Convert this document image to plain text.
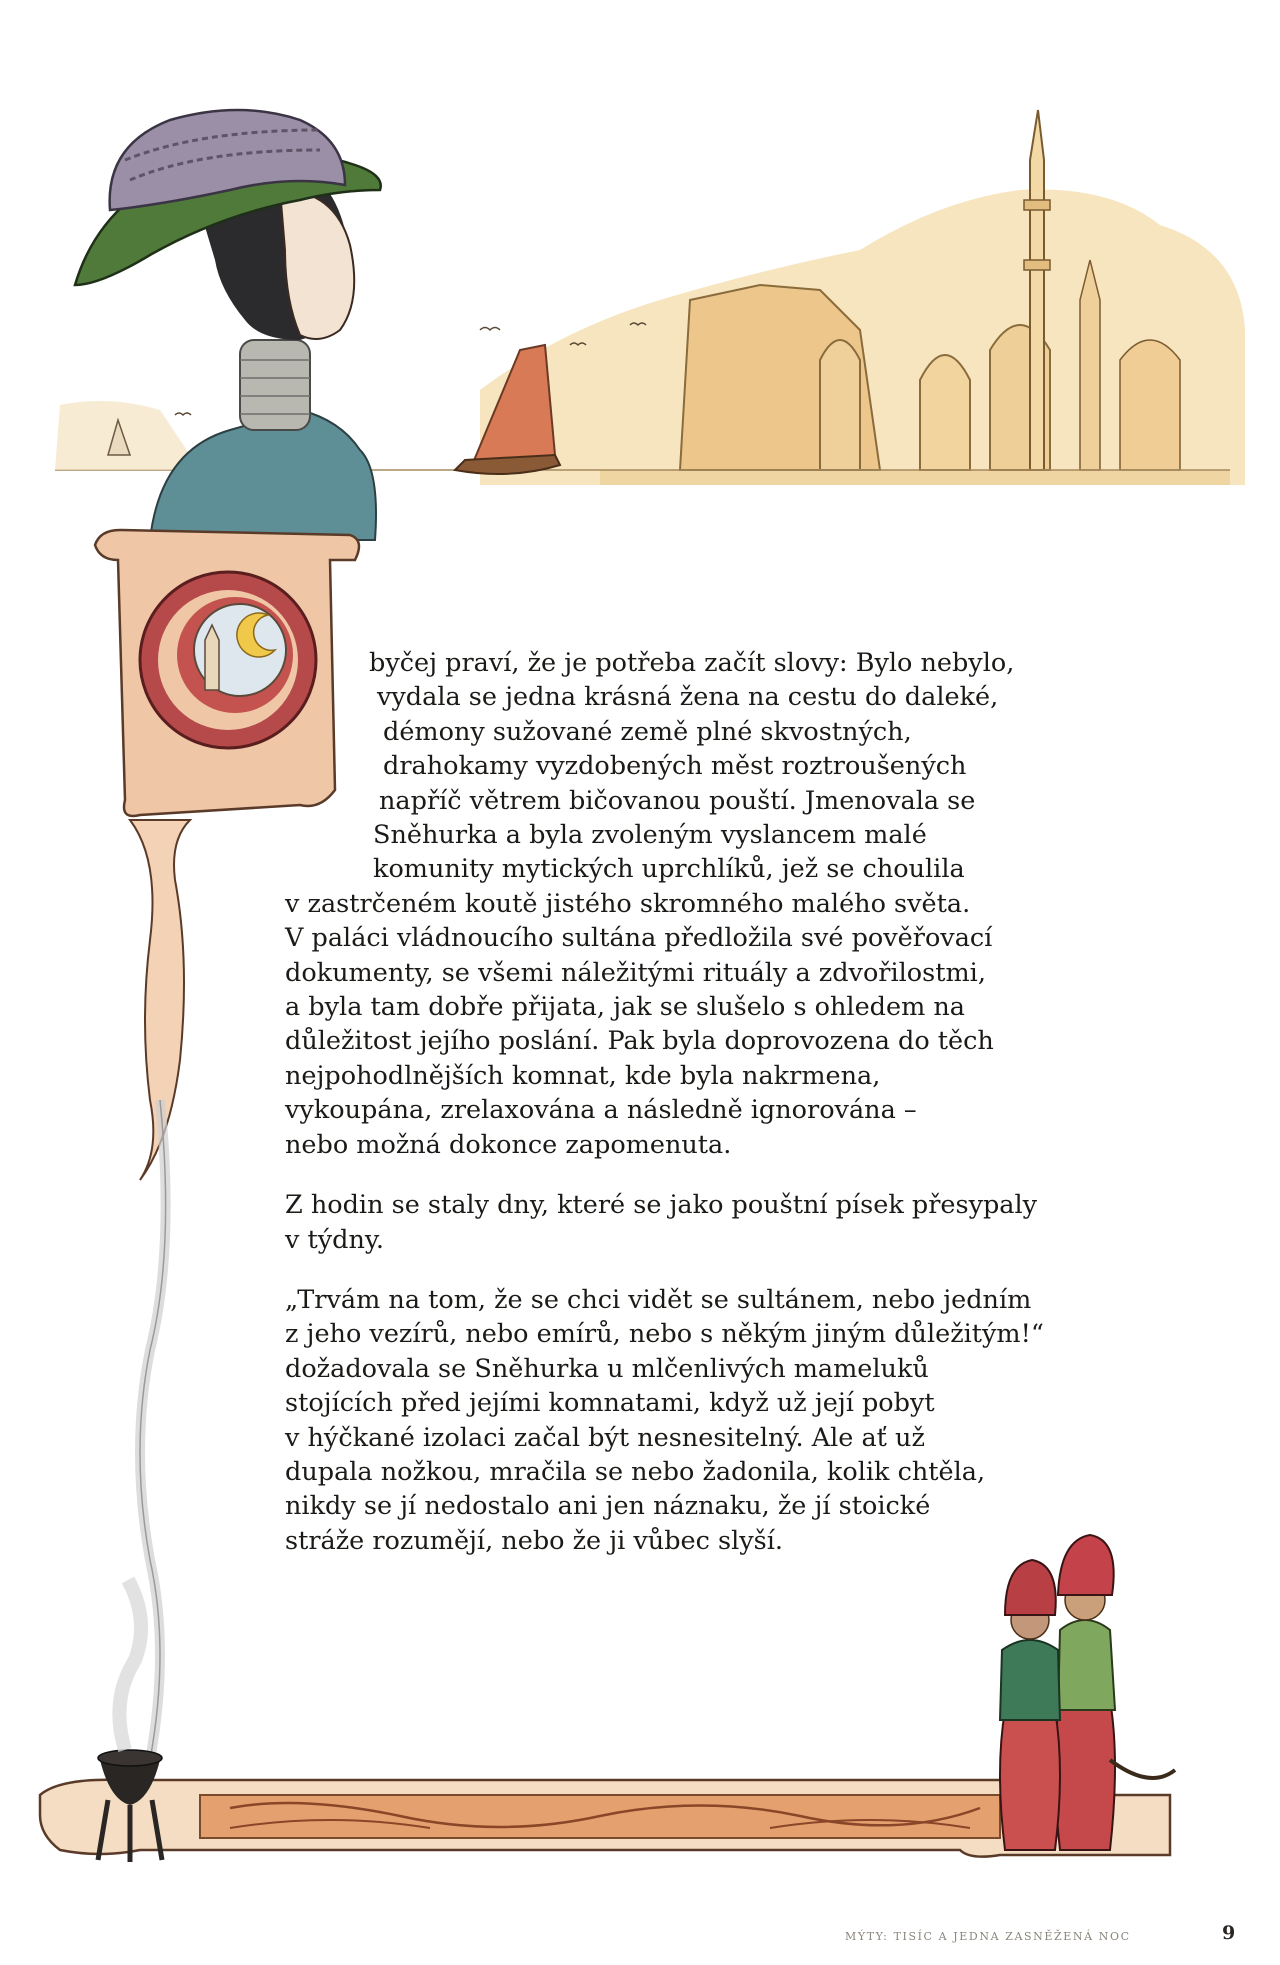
byčej praví, že je potřeba začít slovy: Bylo nebylo,
vydala se jedna krásná žena na cestu do daleké,
démony sužované země plné skvostných,
drahokamy vyzdobených měst roztroušených
napříč větrem bičovanou pouští. Jmenovala se
Sněhurka a byla zvoleným vyslancem malé
komunity mytických uprchlíků, jež se choulila
v zastrčeném koutě jistého skromného malého světa.
V paláci vládnoucího sultána předložila své pověřovací
dokumenty, se všemi náležitými rituály a zdvořilostmi,
a byla tam dobře přijata, jak se slušelo s ohledem na
důležitost jejího poslání. Pak byla doprovozena do těch
nejpohodlnějších komnat, kde byla nakrmena,
vykoupána, zrelaxována a následně ignorována –
nebo možná dokonce zapomenuta.
Z hodin se staly dny, které se jako pouštní písek přesypaly
v týdny.
„Trvám na tom, že se chci vidět se sultánem, nebo jedním
z jeho vezírů, nebo emírů, nebo s někým jiným důležitým!“
dožadovala se Sněhurka u mlčenlivých mameluků
stojících před jejími komnatami, když už její pobyt
v hýčkané izolaci začal být nesnesitelný. Ale ať už
dupala nožkou, mračila se nebo žadonila, kolik chtěla,
nikdy se jí nedostalo ani jen náznaku, že jí stoické
stráže rozumějí, nebo že ji vůbec slyší.
MÝTY: TISÍC A JEDNA ZASNĚŽENÁ NOC	9
